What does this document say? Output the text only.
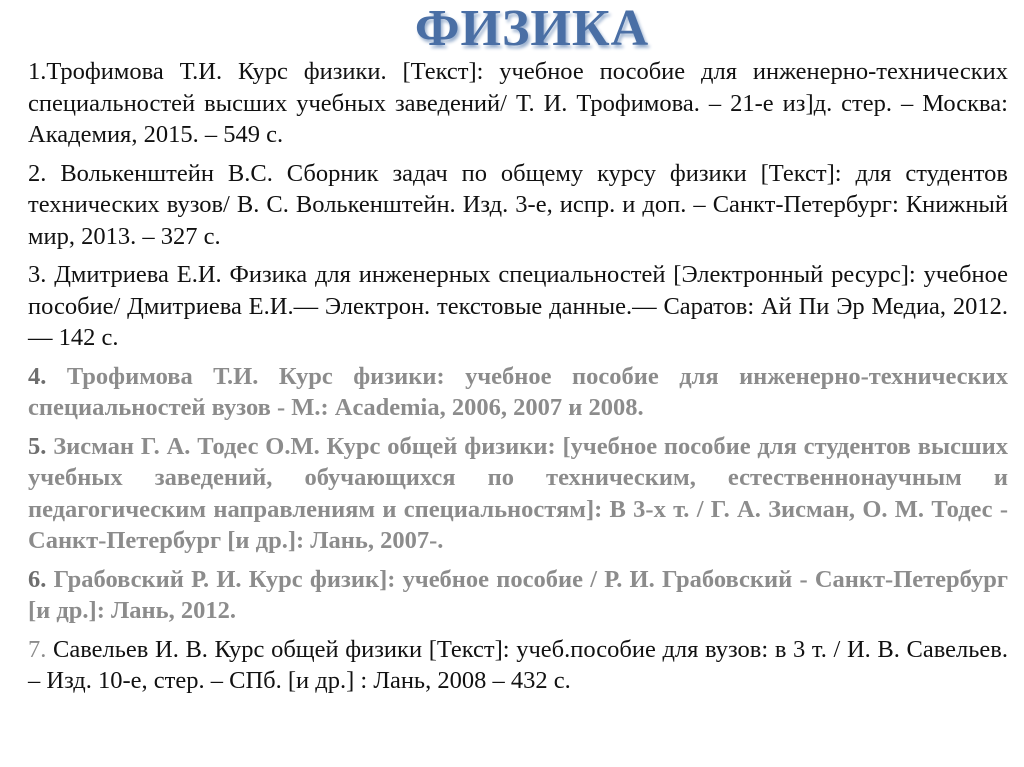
ФИЗИКА
1.Трофимова Т.И. Курс физики. [Текст]: учебное пособие для инженерно-технических специальностей высших учебных заведений/ Т. И. Трофимова. – 21-е из]д. стер. – Москва: Академия, 2015. – 549 с.
2. Волькенштейн В.С. Сборник задач по общему курсу физики [Текст]: для студентов технических вузов/ В. С. Волькенштейн. Изд. 3-е, испр. и доп. – Санкт-Петербург: Книжный мир, 2013. – 327 с.
3. Дмитриева Е.И. Физика для инженерных специальностей [Электронный ресурс]: учебное пособие/ Дмитриева Е.И.— Электрон. текстовые данные.— Саратов: Ай Пи Эр Медиа, 2012.— 142 c.
4. Трофимова Т.И. Курс физики: учебное пособие для инженерно-технических специальностей вузов - М.: Academia, 2006, 2007 и 2008.
5. Зисман Г. А. Тодес О.М. Курс общей физики: [учебное пособие для студентов высших учебных заведений, обучающихся по техническим, естественнонаучным и педагогическим направлениям и специальностям]: В 3-х т. / Г. А. Зисман, О. М. Тодес - Санкт-Петербург [и др.]: Лань, 2007-.
6. Грабовский Р. И. Курс физик]: учебное пособие / Р. И. Грабовский - Санкт-Петербург [и др.]: Лань, 2012.
7. Савельев И. В. Курс общей физики [Текст]: учеб.пособие для вузов: в 3 т. / И. В. Савельев. – Изд. 10-е, стер. – СПб. [и др.] : Лань, 2008 – 432 с.
